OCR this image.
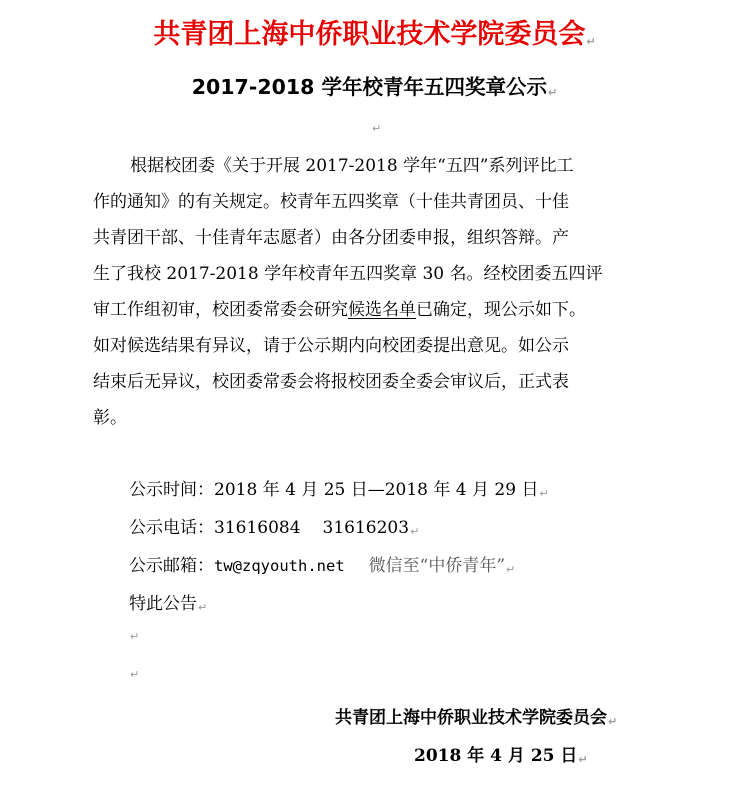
共青团上海中侨职业技术学院委员会↵
2017-2018 学年校青年五四奖章公示↵
↵
根据校团委《关于开展 2017-2018 学年“五四”系列评比工
作的通知》的有关规定。校青年五四奖章（十佳共青团员、十佳
共青团干部、十佳青年志愿者）由各分团委申报，组织答辩。产
生了我校 2017-2018 学年校青年五四奖章 30 名。经校团委五四评
审工作组初审，校团委常委会研究候选名单已确定，现公示如下。
如对候选结果有异议，请于公示期内向校团委提出意见。如公示
结束后无异议，校团委常委会将报校团委全委会审议后，正式表
彰。
公示时间：2018 年 4 月 25 日—2018 年 4 月 29 日↵
公示电话：31616084 31616203↵
公示邮箱：tw@zqyouth.net 微信至“中侨青年”↵
特此公告↵
↵
↵
共青团上海中侨职业技术学院委员会↵
2018 年 4 月 25 日↵
